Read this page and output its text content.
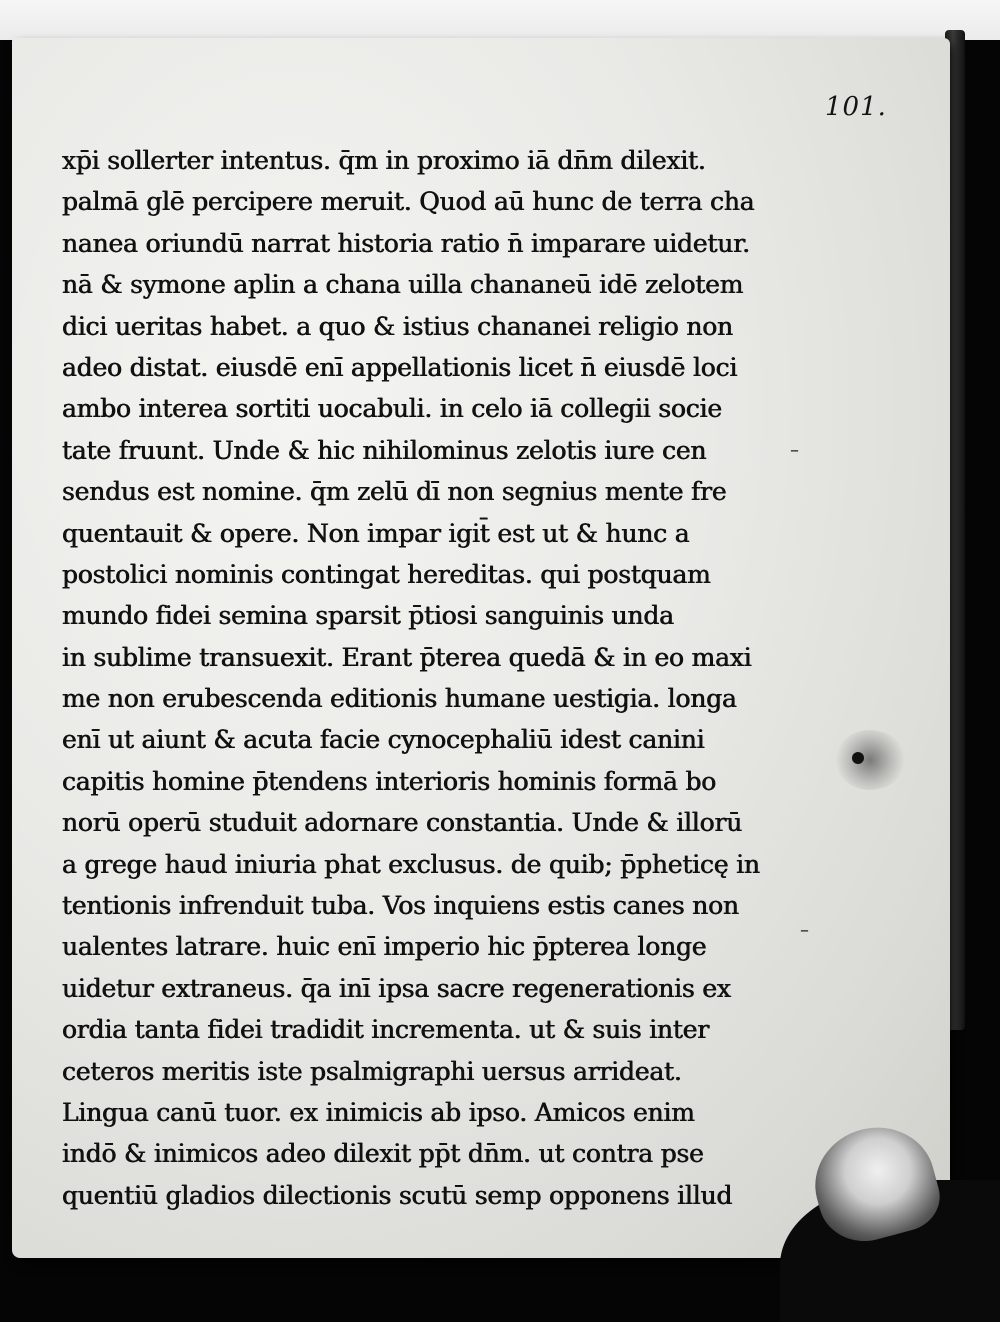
101.
xp̄i sollerter intentus. q̄m in proximo iā dn̄m dilexit.
palmā glē percipere meruit. Quod aū hunc de terra cha
nanea oriundū narrat historia ratio n̄ imparare uidetur.
nā & symone aplin a chana uilla chananeū idē zelotem
dici ueritas habet. a quo & istius chananei religio non
adeo distat. eiusdē enī appellationis licet n̄ eiusdē loci
ambo interea sortiti uocabuli. in celo iā collegii socie
tate fruunt. Unde & hic nihilominus zelotis iure cen
sendus est nomine. q̄m zelū dī non segnius mente fre
quentauit & opere. Non impar igit̄ est ut & hunc a
postolici nominis contingat hereditas. qui postquam
mundo fidei semina sparsit p̄tiosi sanguinis unda
in sublime transuexit. Erant p̄terea quedā & in eo maxi
me non erubescenda editionis humane uestigia. longa
enī ut aiunt & acuta facie cynocephaliū idest canini
capitis homine p̄tendens interioris hominis formā bo
norū operū studuit adornare constantia. Unde & illorū
a grege haud iniuria phat exclusus. de quib; p̄pheticę in
tentionis infrenduit tuba. Vos inquiens estis canes non
ualentes latrare. huic enī imperio hic p̄pterea longe
uidetur extraneus. q̄a inī ipsa sacre regenerationis ex
ordia tanta fidei tradidit incrementa. ut & suis inter
ceteros meritis iste psalmigraphi uersus arrideat.
Lingua canū tuor. ex inimicis ab ipso. Amicos enim
indō & inimicos adeo dilexit pp̄t dn̄m. ut contra pse
quentiū gladios dilectionis scutū semp opponens illud
–
–
